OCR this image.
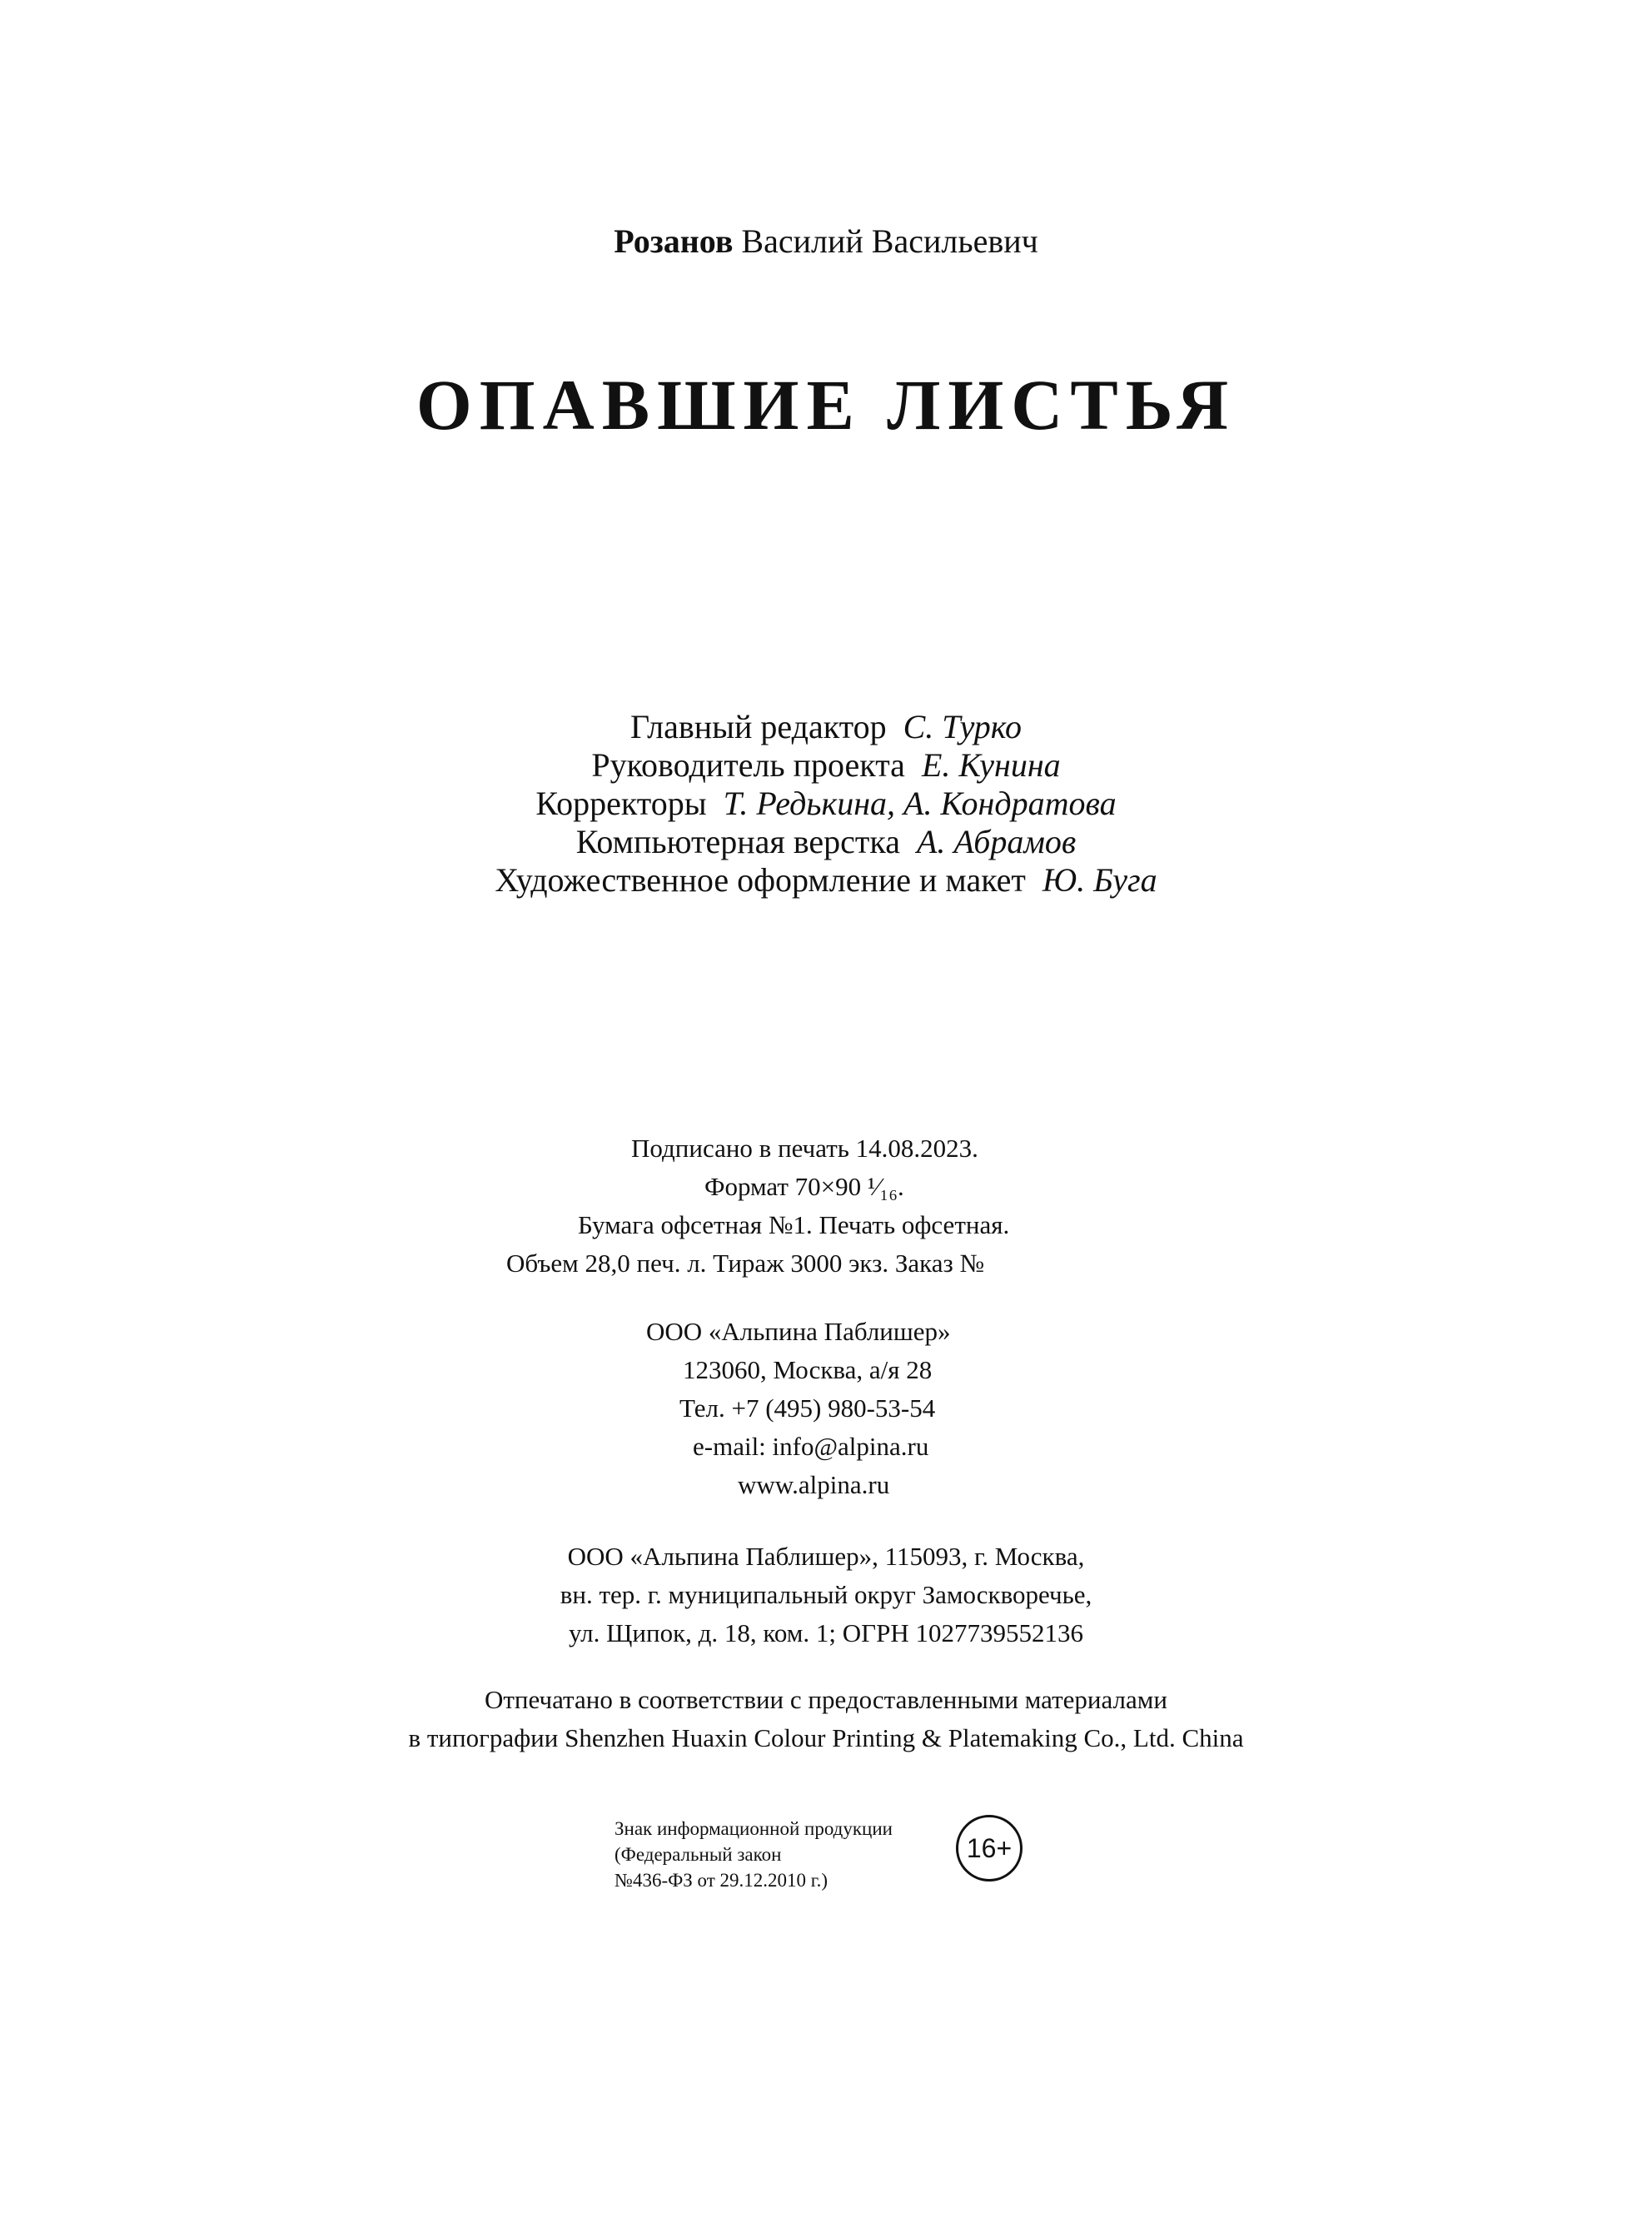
Розанов Василий Васильевич
ОПАВШИЕ ЛИСТЬЯ
Главный редактор С. Турко
Руководитель проекта Е. Кунина
Корректоры Т. Редькина, А. Кондратова
Компьютерная верстка А. Абрамов
Художественное оформление и макет Ю. Буга
Подписано в печать 14.08.2023.
Формат 70×90 ¹⁄₁₆.
Бумага офсетная №1. Печать офсетная.
Объем 28,0 печ. л. Тираж 3000 экз. Заказ №
ООО «Альпина Паблишер»
123060, Москва, а/я 28
Тел. +7 (495) 980-53-54
e-mail: info@alpina.ru
www.alpina.ru
ООО «Альпина Паблишер», 115093, г. Москва,
вн. тер. г. муниципальный округ Замоскворечье,
ул. Щипок, д. 18, ком. 1; ОГРН 1027739552136
Отпечатано в соответствии с предоставленными материалами
в типографии Shenzhen Huaxin Colour Printing & Platemaking Co., Ltd. China
Знак информационной продукции
(Федеральный закон
№436-ФЗ от 29.12.2010 г.)
16+
